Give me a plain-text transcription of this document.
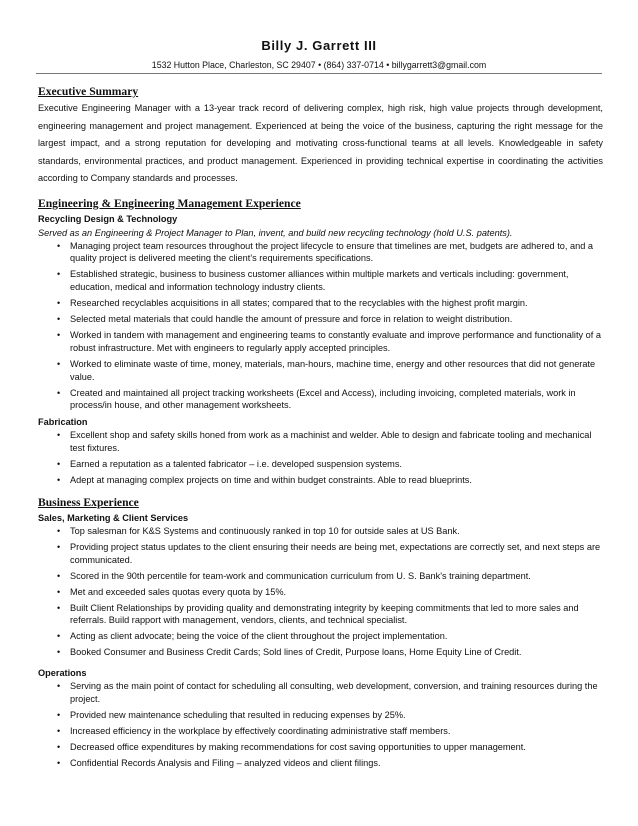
Billy J. Garrett III
1532 Hutton Place, Charleston, SC 29407 • (864) 337-0714 • billygarrett3@gmail.com
Executive Summary
Executive Engineering Manager with a 13-year track record of delivering complex, high risk, high value projects through development, engineering management and project management. Experienced at being the voice of the business, capturing the right message for the largest impact, and a strong reputation for developing and motivating cross-functional teams at all levels. Knowledgeable in safety standards, environmental practices, and product management. Experienced in providing technical expertise in coordinating the activities according to Company standards and processes.
Engineering & Engineering Management Experience
Recycling Design & Technology
Served as an Engineering & Project Manager to Plan, invent, and build new recycling technology (hold U.S. patents).
• Managing project team resources throughout the project lifecycle to ensure that timelines are met, budgets are adhered to, and a quality project is delivered meeting the client’s requirements specifications.
• Established strategic, business to business customer alliances within multiple markets and verticals including: government, education, medical and information technology industry clients.
• Researched recyclables acquisitions in all states; compared that to the recyclables with the highest profit margin.
• Selected metal materials that could handle the amount of pressure and force in relation to weight distribution.
• Worked in tandem with management and engineering teams to constantly evaluate and improve performance and functionality of a robust infrastructure. Met with engineers to regularly apply accepted principles.
• Worked to eliminate waste of time, money, materials, man-hours, machine time, energy and other resources that did not generate value.
• Created and maintained all project tracking worksheets (Excel and Access), including invoicing, completed materials, work in process/in house, and other management worksheets.
Fabrication
• Excellent shop and safety skills honed from work as a machinist and welder. Able to design and fabricate tooling and mechanical test fixtures.
• Earned a reputation as a talented fabricator – i.e. developed suspension systems.
• Adept at managing complex projects on time and within budget constraints. Able to read blueprints.
Business Experience
Sales, Marketing & Client Services
• Top salesman for K&S Systems and continuously ranked in top 10 for outside sales at US Bank.
• Providing project status updates to the client ensuring their needs are being met, expectations are correctly set, and next steps are communicated.
• Scored in the 90th percentile for team-work and communication curriculum from U. S. Bank's training department.
• Met and exceeded sales quotas every quota by 15%.
• Built Client Relationships by providing quality and demonstrating integrity by keeping commitments that led to more sales and referrals. Build rapport with management, vendors, clients, and technical specialist.
• Acting as client advocate; being the voice of the client throughout the project implementation.
• Booked Consumer and Business Credit Cards; Sold lines of Credit, Purpose loans, Home Equity Line of Credit.
Operations
• Serving as the main point of contact for scheduling all consulting, web development, conversion, and training resources during the project.
• Provided new maintenance scheduling that resulted in reducing expenses by 25%.
• Increased efficiency in the workplace by effectively coordinating administrative staff members.
• Decreased office expenditures by making recommendations for cost saving opportunities to upper management.
• Confidential Records Analysis and Filing – analyzed videos and client filings.
